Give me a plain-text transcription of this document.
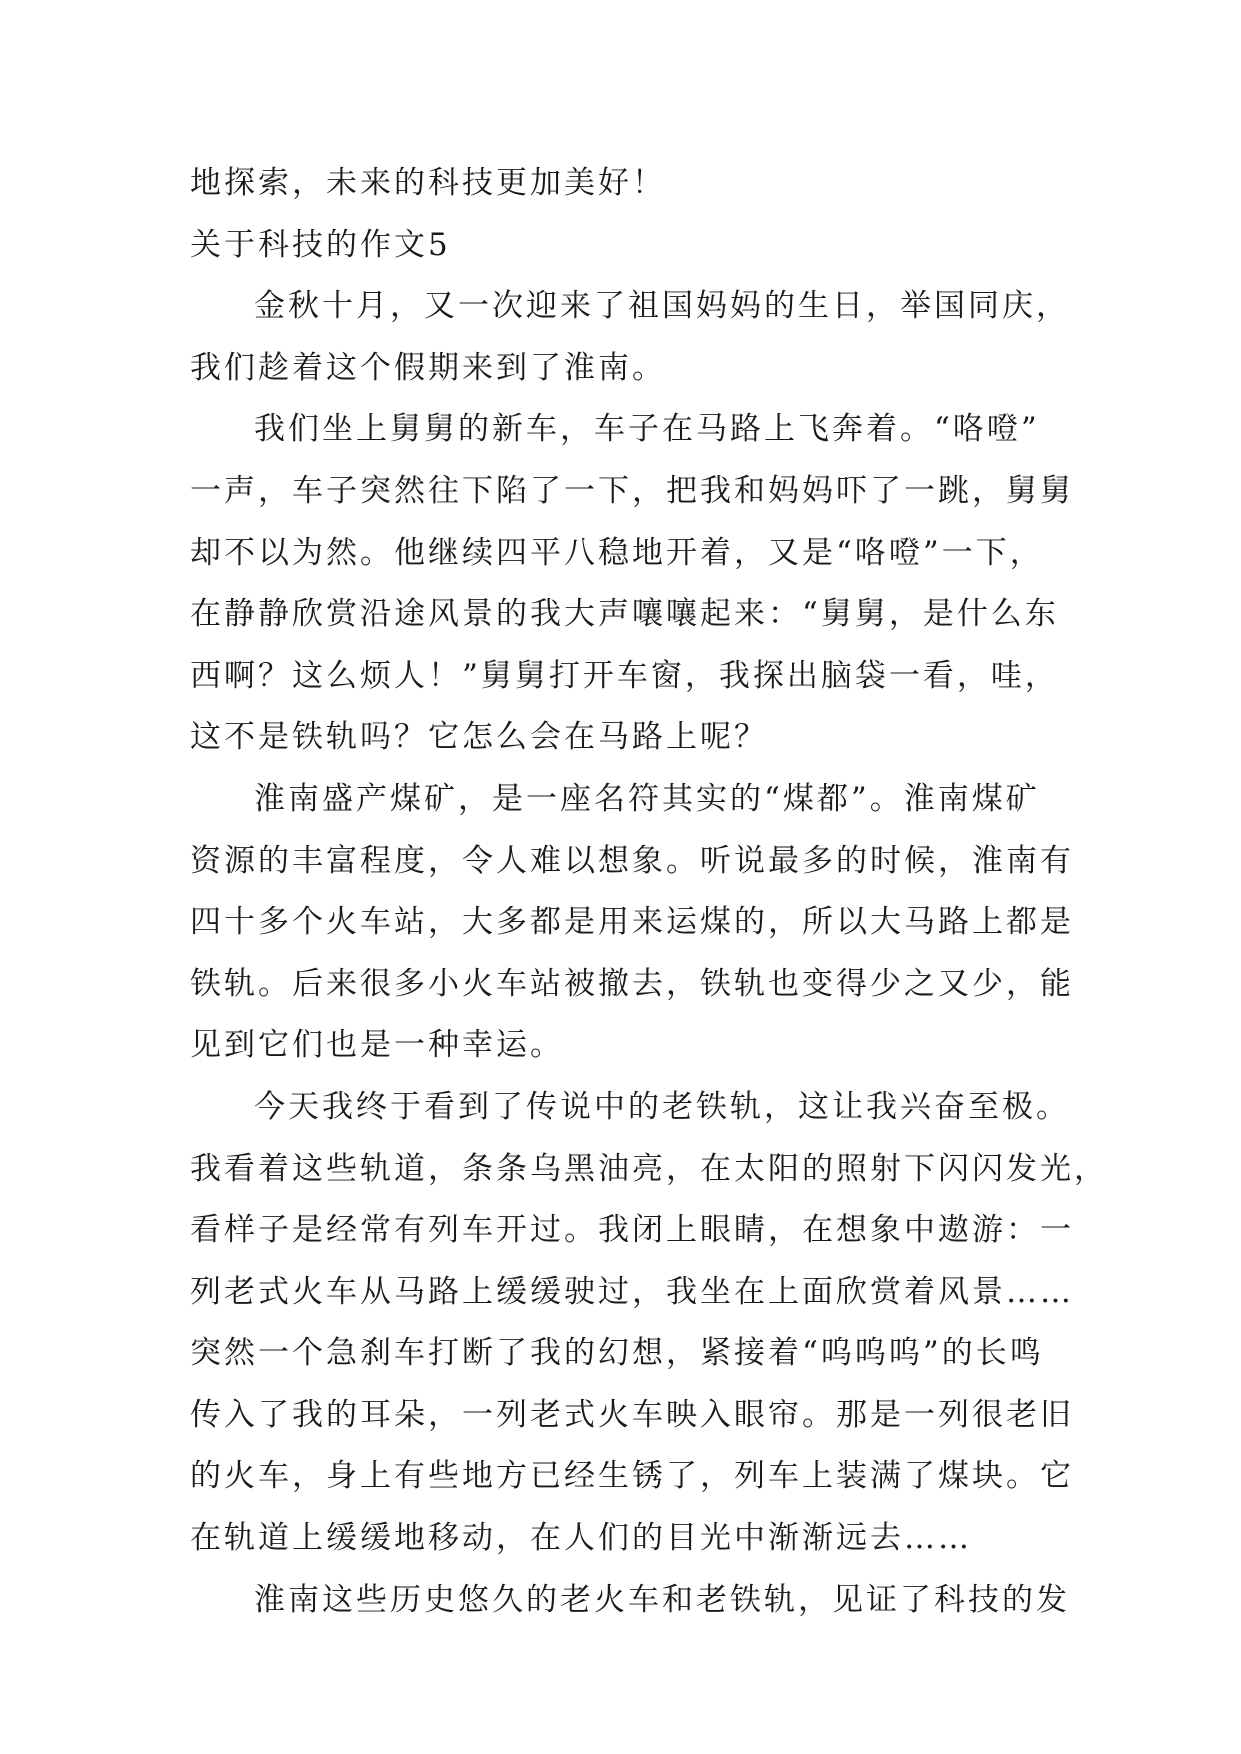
地探索，未来的科技更加美好！
关于科技的作文5
金秋十月，又一次迎来了祖国妈妈的生日，举国同庆，
我们趁着这个假期来到了淮南。
我们坐上舅舅的新车，车子在马路上飞奔着。“咯噔”
一声，车子突然往下陷了一下，把我和妈妈吓了一跳，舅舅
却不以为然。他继续四平八稳地开着，又是“咯噔”一下，
在静静欣赏沿途风景的我大声嚷嚷起来：“舅舅，是什么东
西啊？这么烦人！”舅舅打开车窗，我探出脑袋一看，哇，
这不是铁轨吗？它怎么会在马路上呢？
淮南盛产煤矿，是一座名符其实的“煤都”。淮南煤矿
资源的丰富程度，令人难以想象。听说最多的时候，淮南有
四十多个火车站，大多都是用来运煤的，所以大马路上都是
铁轨。后来很多小火车站被撤去，铁轨也变得少之又少，能
见到它们也是一种幸运。
今天我终于看到了传说中的老铁轨，这让我兴奋至极。
我看着这些轨道，条条乌黑油亮，在太阳的照射下闪闪发光，
看样子是经常有列车开过。我闭上眼睛，在想象中遨游：一
列老式火车从马路上缓缓驶过，我坐在上面欣赏着风景……
突然一个急刹车打断了我的幻想，紧接着“呜呜呜”的长鸣
传入了我的耳朵，一列老式火车映入眼帘。那是一列很老旧
的火车，身上有些地方已经生锈了，列车上装满了煤块。它
在轨道上缓缓地移动，在人们的目光中渐渐远去……
淮南这些历史悠久的老火车和老铁轨，见证了科技的发
